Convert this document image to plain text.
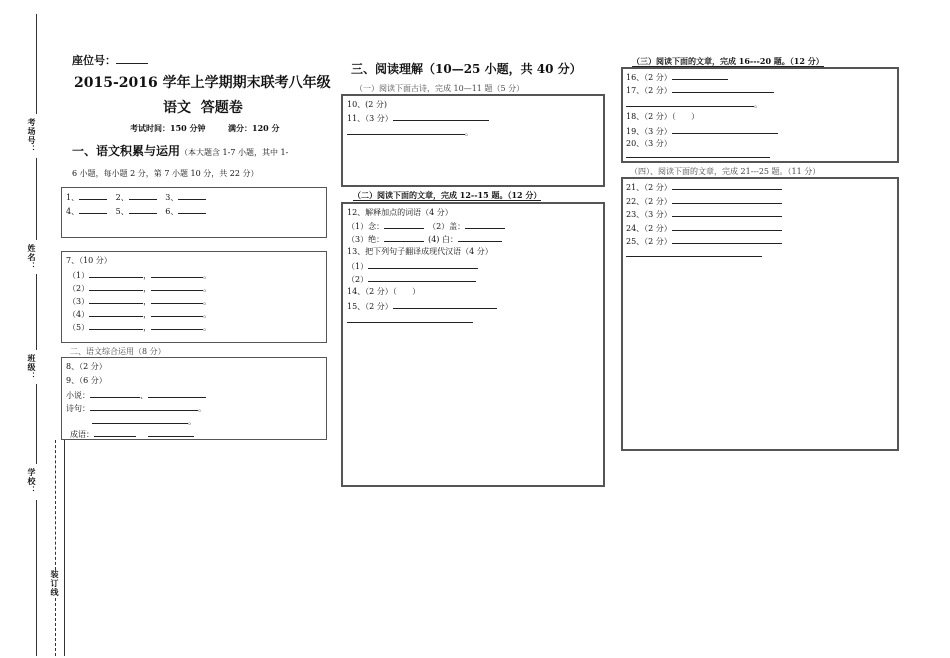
考场号：
姓名：
班级：
学校：
装订线
座位号：
2015-2016 学年上学期期末联考八年级
语文  答题卷
考试时间：150 分钟	满分：120 分
一、语文积累与运用（本大题含 1-7 小题，其中 1-
6 小题，每小题 2 分，第 7 小题 10 分，共 22 分）
1、	2、	3、
4、	5、	6、
7、（10 分）
（1）	，	。
（2）	，	。
（3）	，	。
（4）	，	。
（5）	，	。
二、语文综合运用（8 分）
8、（2 分）
9、（6 分）
小说：	、
诗句：	。
。
成语：
三、阅读理解（10—25 小题，共 40 分）
（一）阅读下面古诗，完成 10—11 题（5 分）
10、(2 分)
11、（3 分）
。
（二）阅读下面的文章，完成 12--15 题。（12 分）
12、解释加点的词语（4 分）
（1）念：	（2）盖：
（3）绝：	(4) 白：
13、把下列句子翻译成现代汉语（4 分）
（1）
（2）
14、（2 分）（      ）
15、（2 分）
（三）阅读下面的文章，完成 16---20 题。（12 分）
16、（2 分）
17、（2 分）
。
18、（2 分）（      ）
19、（3 分）
20、（3 分）
（四）、阅读下面的文章，完成 21---25 题。（11 分）
21、（2 分）
22、（2 分）
23、（3 分）
24、（2 分）
25、（2 分）
